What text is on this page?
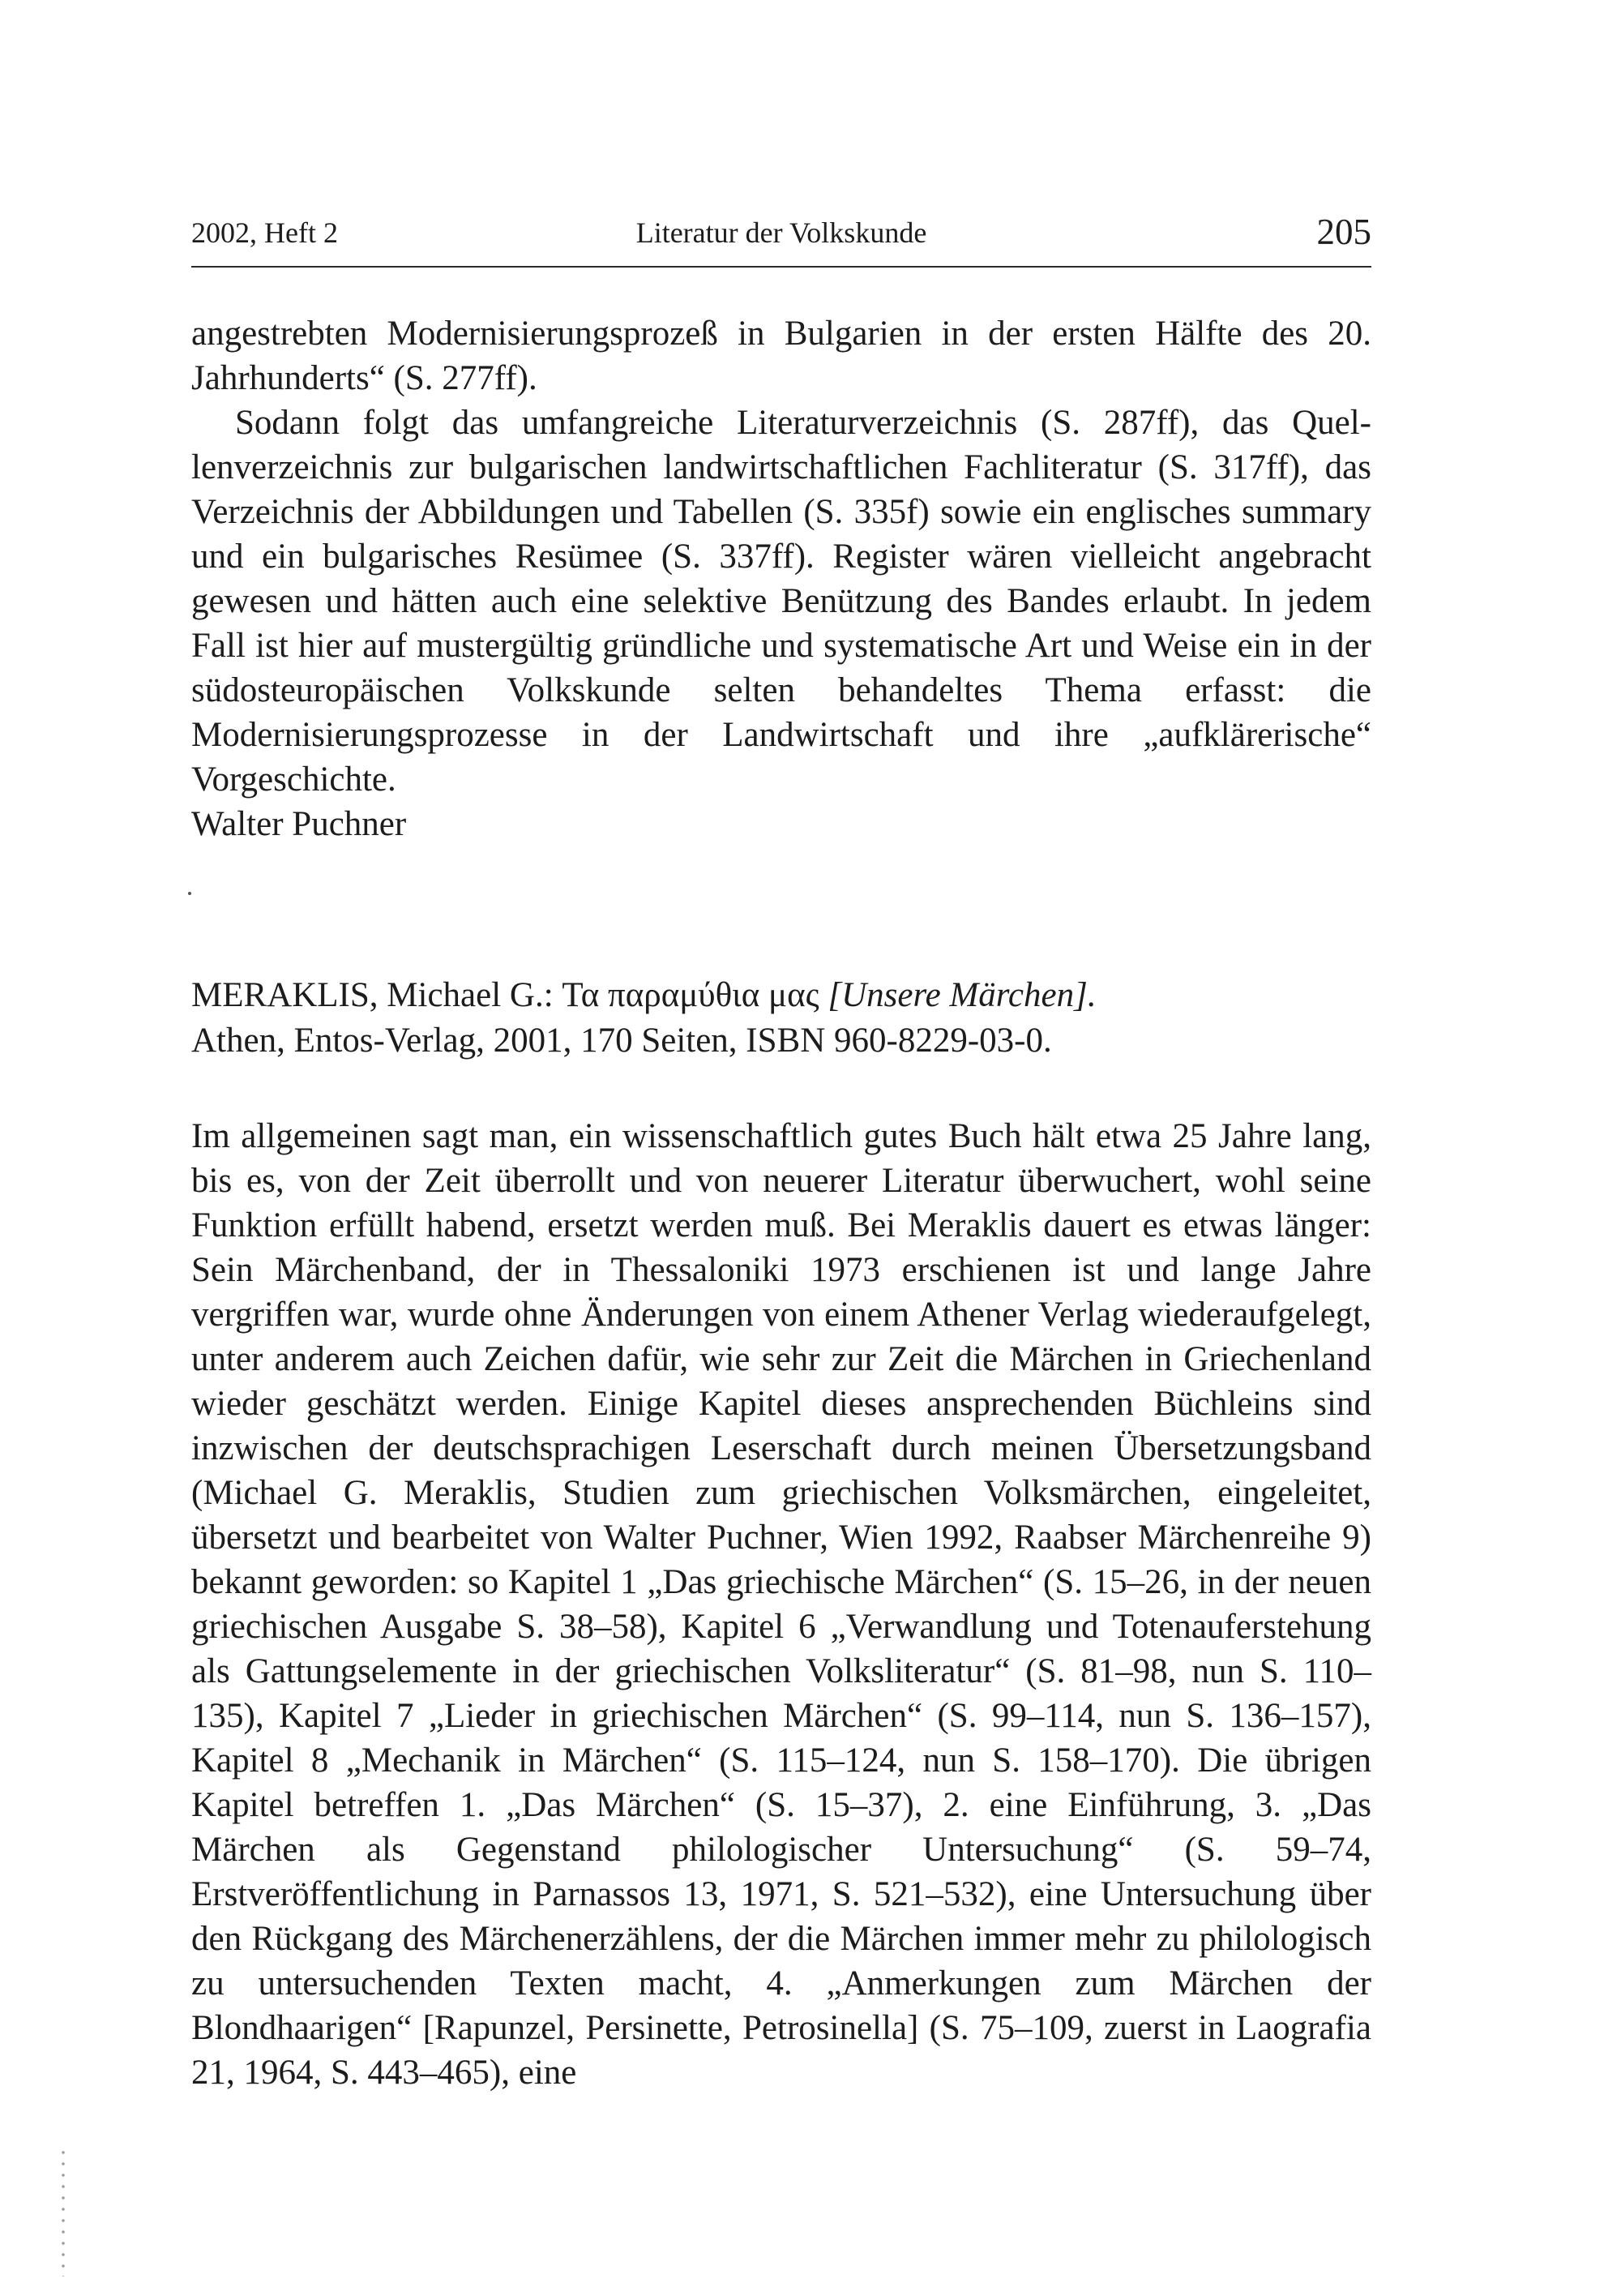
2002, Heft 2	Literatur der Volkskunde	205

angestrebten Modernisierungsprozeß in Bulgarien in der ersten Hälfte des 20. Jahrhunderts“ (S. 277ff).

Sodann folgt das umfangreiche Literaturverzeichnis (S. 287ff), das Quellenverzeichnis zur bulgarischen landwirtschaftlichen Fachliteratur (S. 317ff), das Verzeichnis der Abbildungen und Tabellen (S. 335f) sowie ein englisches summary und ein bulgarisches Resümee (S. 337ff). Register wären vielleicht angebracht gewesen und hätten auch eine selektive Benützung des Bandes erlaubt. In jedem Fall ist hier auf mustergültig gründliche und systematische Art und Weise ein in der südosteuropäischen Volkskunde selten behandeltes Thema erfasst: die Modernisierungsprozesse in der Landwirtschaft und ihre „aufklärerische“ Vorgeschichte.

Walter Puchner

MERAKLIS, Michael G.: Τα παραμύθια μας [Unsere Märchen].
Athen, Entos-Verlag, 2001, 170 Seiten, ISBN 960-8229-03-0.

Im allgemeinen sagt man, ein wissenschaftlich gutes Buch hält etwa 25 Jahre lang, bis es, von der Zeit überrollt und von neuerer Literatur überwuchert, wohl seine Funktion erfüllt habend, ersetzt werden muß. Bei Meraklis dauert es etwas länger: Sein Märchenband, der in Thessaloniki 1973 erschienen ist und lange Jahre vergriffen war, wurde ohne Änderungen von einem Athener Verlag wiederaufgelegt, unter anderem auch Zeichen dafür, wie sehr zur Zeit die Märchen in Griechenland wieder geschätzt werden. Einige Kapitel dieses ansprechenden Büchleins sind inzwischen der deutschsprachigen Leserschaft durch meinen Übersetzungsband (Michael G. Meraklis, Studien zum griechischen Volksmärchen, eingeleitet, übersetzt und bearbeitet von Walter Puchner, Wien 1992, Raabser Märchenreihe 9) bekannt geworden: so Kapitel 1 „Das griechische Märchen“ (S. 15–26, in der neuen griechischen Ausgabe S. 38–58), Kapitel 6 „Verwandlung und Totenauferstehung als Gattungselemente in der griechischen Volksliteratur“ (S. 81–98, nun S. 110–135), Kapitel 7 „Lieder in griechischen Märchen“ (S. 99–114, nun S. 136–157), Kapitel 8 „Mechanik in Märchen“ (S. 115–124, nun S. 158–170). Die übrigen Kapitel betreffen 1. „Das Märchen“ (S. 15–37), 2. eine Einführung, 3. „Das Märchen als Gegenstand philologischer Untersuchung“ (S. 59–74, Erstveröffentlichung in Parnassos 13, 1971, S. 521–532), eine Untersuchung über den Rückgang des Märchenerzählens, der die Märchen immer mehr zu philologisch zu untersuchenden Texten macht, 4. „Anmerkungen zum Märchen der Blondhaarigen“ [Rapunzel, Persinette, Petrosinella] (S. 75–109, zuerst in Laografia 21, 1964, S. 443–465), eine
